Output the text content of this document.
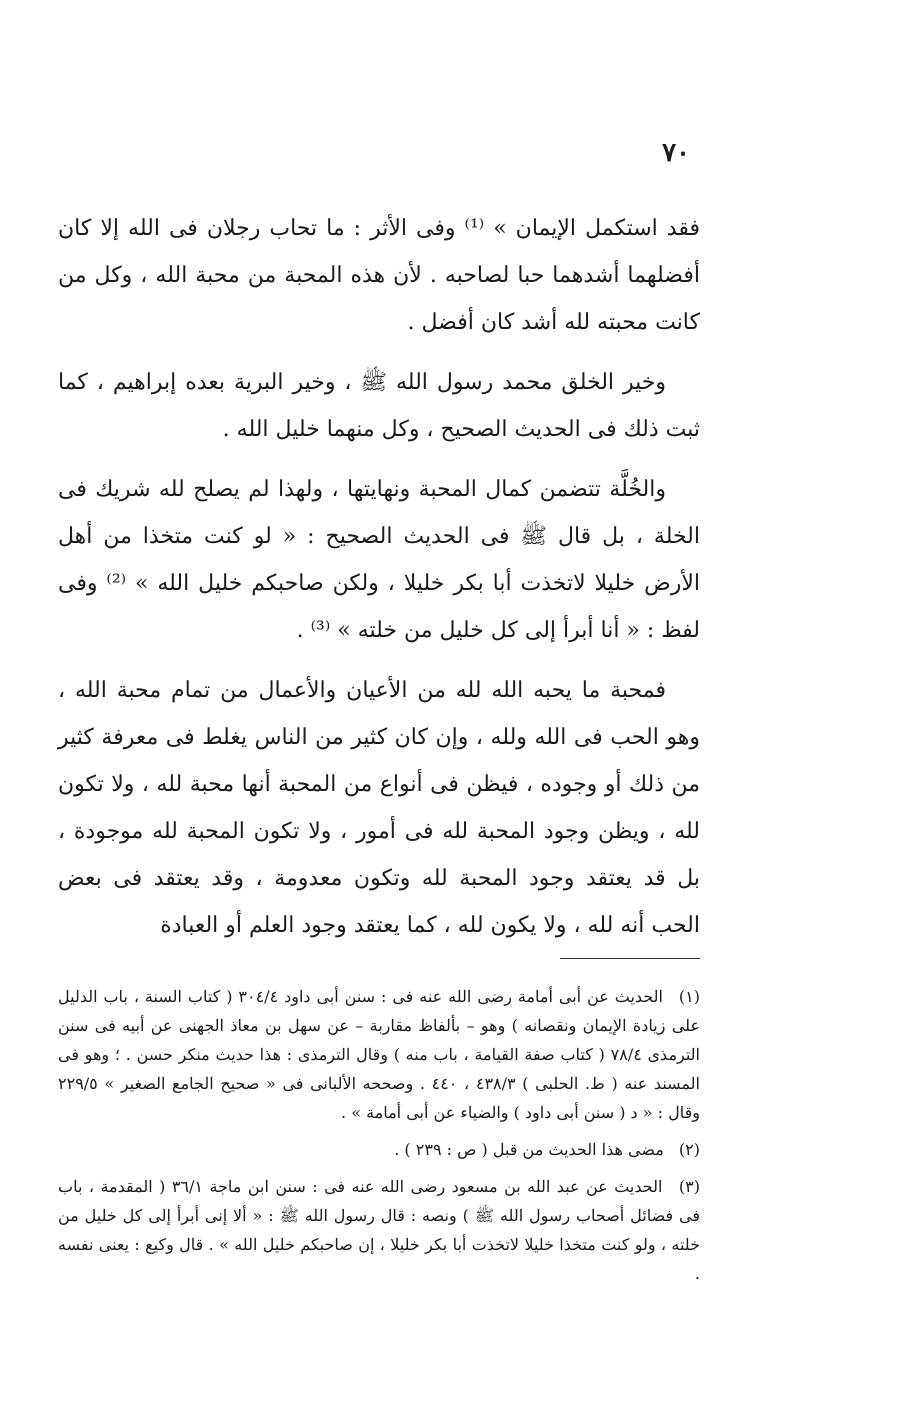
٧٠

فقد استكمل الإيمان » ⁽¹⁾ وفى الأثر : ما تحاب رجلان فى الله إلا كان أفضلهما أشدهما حبا لصاحبه . لأن هذه المحبة من محبة الله ، وكل من كانت محبته لله أشد كان أفضل .

وخير الخلق محمد رسول الله ﷺ ، وخير البرية بعده إبراهيم ، كما ثبت ذلك فى الحديث الصحيح ، وكل منهما خليل الله .

والخُلَّة تتضمن كمال المحبة ونهايتها ، ولهذا لم يصلح لله شريك فى الخلة ، بل قال ﷺ فى الحديث الصحيح : « لو كنت متخذا من أهل الأرض خليلا لاتخذت أبا بكر خليلا ، ولكن صاحبكم خليل الله » ⁽²⁾ وفى لفظ : « أنا أبرأ إلى كل خليل من خلته » ⁽³⁾ .

فمحبة ما يحبه الله لله من الأعيان والأعمال من تمام محبة الله ، وهو الحب فى الله ولله ، وإن كان كثير من الناس يغلط فى معرفة كثير من ذلك أو وجوده ، فيظن فى أنواع من المحبة أنها محبة لله ، ولا تكون لله ، ويظن وجود المحبة لله فى أمور ، ولا تكون المحبة لله موجودة ، بل قد يعتقد وجود المحبة لله وتكون معدومة ، وقد يعتقد فى بعض الحب أنه لله ، ولا يكون لله ، كما يعتقد وجود العلم أو العبادة

(١) الحديث عن أبى أمامة رضى الله عنه فى : سنن أبى داود ٣٠٤/٤ ( كتاب السنة ، باب الدليل على زيادة الإيمان ونقصانه ) وهو – بألفاظ مقاربة – عن سهل بن معاذ الجهنى عن أبيه فى سنن الترمذى ٧٨/٤ ( كتاب صفة القيامة ، باب منه ) وقال الترمذى : هذا حديث منكر حسن . ؛ وهو فى المسند عنه ( ط. الحلبى ) ٤٣٨/٣ ، ٤٤٠ . وصححه الألبانى فى « صحيح الجامع الصغير » ٢٢٩/٥ وقال : « د ( سنن أبى داود ) والضياء عن أبى أمامة » .

(٢) مضى هذا الحديث من قبل ( ص : ٢٣٩ ) .

(٣) الحديث عن عبد الله بن مسعود رضى الله عنه فى : سنن ابن ماجة ٣٦/١ ( المقدمة ، باب فى فضائل أصحاب رسول الله ﷺ ) ونصه : قال رسول الله ﷺ : « ألا إنى أبرأ إلى كل خليل من خلته ، ولو كنت متخذا خليلا لاتخذت أبا بكر خليلا ، إن صاحبكم خليل الله » . قال وكيع : يعنى نفسه .
